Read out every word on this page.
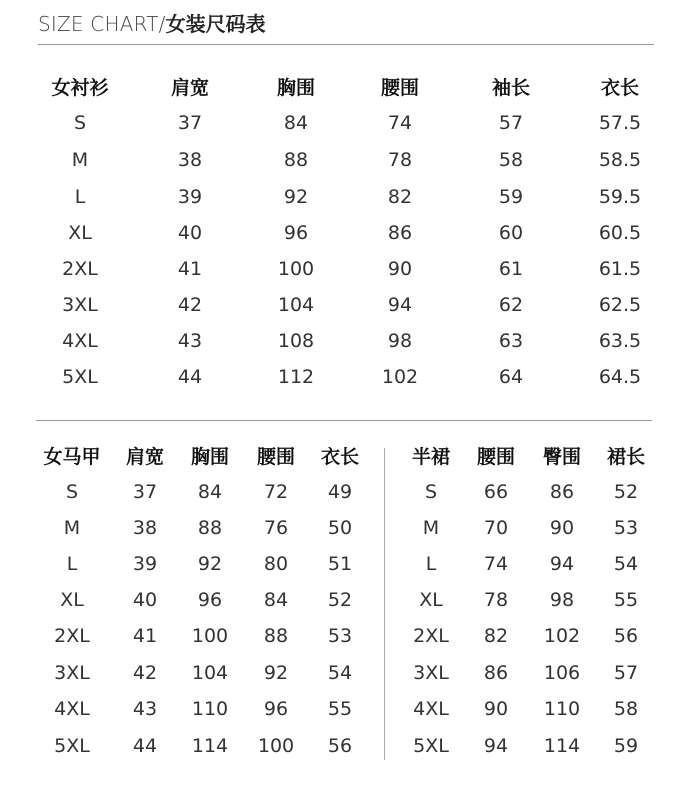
SIZE CHART/ 女装尺码表
女衬衫	肩宽	胸围	腰围	袖长	衣长
S	37	84	74	57	57.5
M	38	88	78	58	58.5
L	39	92	82	59	59.5
XL	40	96	86	60	60.5
2XL	41	100	90	61	61.5
3XL	42	104	94	62	62.5
4XL	43	108	98	63	63.5
5XL	44	112	102	64	64.5
女马甲 肩宽 胸围 腰围 衣长
S	37 84 72 49
M	38 88 76 50
L	39 92 80 51
XL	40 96 84 52
2XL 41 100 88 53
3XL 42 104 92 54
4XL 43 110 96 55
5XL 44 114 100 56
半裙 腰围 臀围 裙长
S 66 86 52
M 70 90 53
L	74 94 54
XL 78 98 55
2XL 82 102 56
3XL 86 106 57
4XL 90 110 58
5XL 94 114 59
